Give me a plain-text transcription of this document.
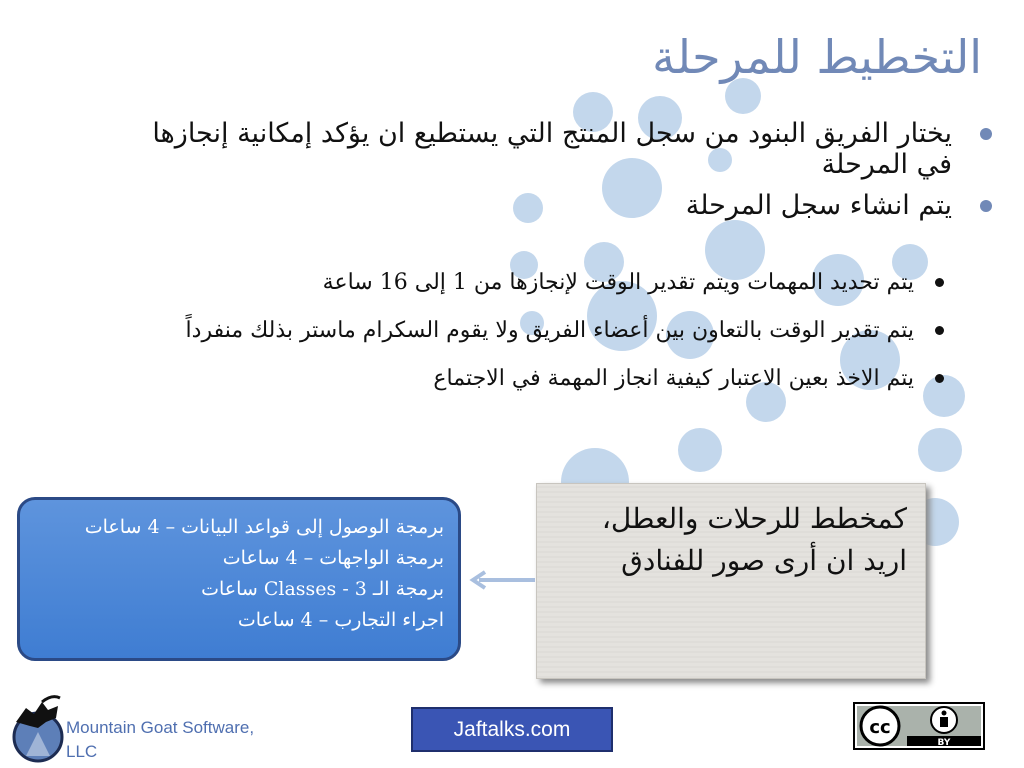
التخطيط للمرحلة
يختار الفريق البنود من سجل المنتج التي يستطيع ان يؤكد إمكانية إنجازها في المرحلة
يتم انشاء سجل المرحلة
يتم تحديد المهمات ويتم تقدير الوقت لإنجازها من 1 إلى 16 ساعة
يتم تقدير الوقت بالتعاون بين أعضاء الفريق ولا يقوم السكرام ماستر بذلك منفرداً
يتم الاخذ بعين الاعتبار كيفية انجاز المهمة في الاجتماع
برمجة الوصول إلى قواعد البيانات – 4 ساعات
برمجة الواجهات – 4 ساعات
برمجة الـ Classes - 3 ساعات
اجراء التجارب – 4 ساعات
كمخطط للرحلات والعطل،
اريد ان أرى صور للفنادق
Mountain Goat Software,
LLC
Jaftalks.com	cc
BY
